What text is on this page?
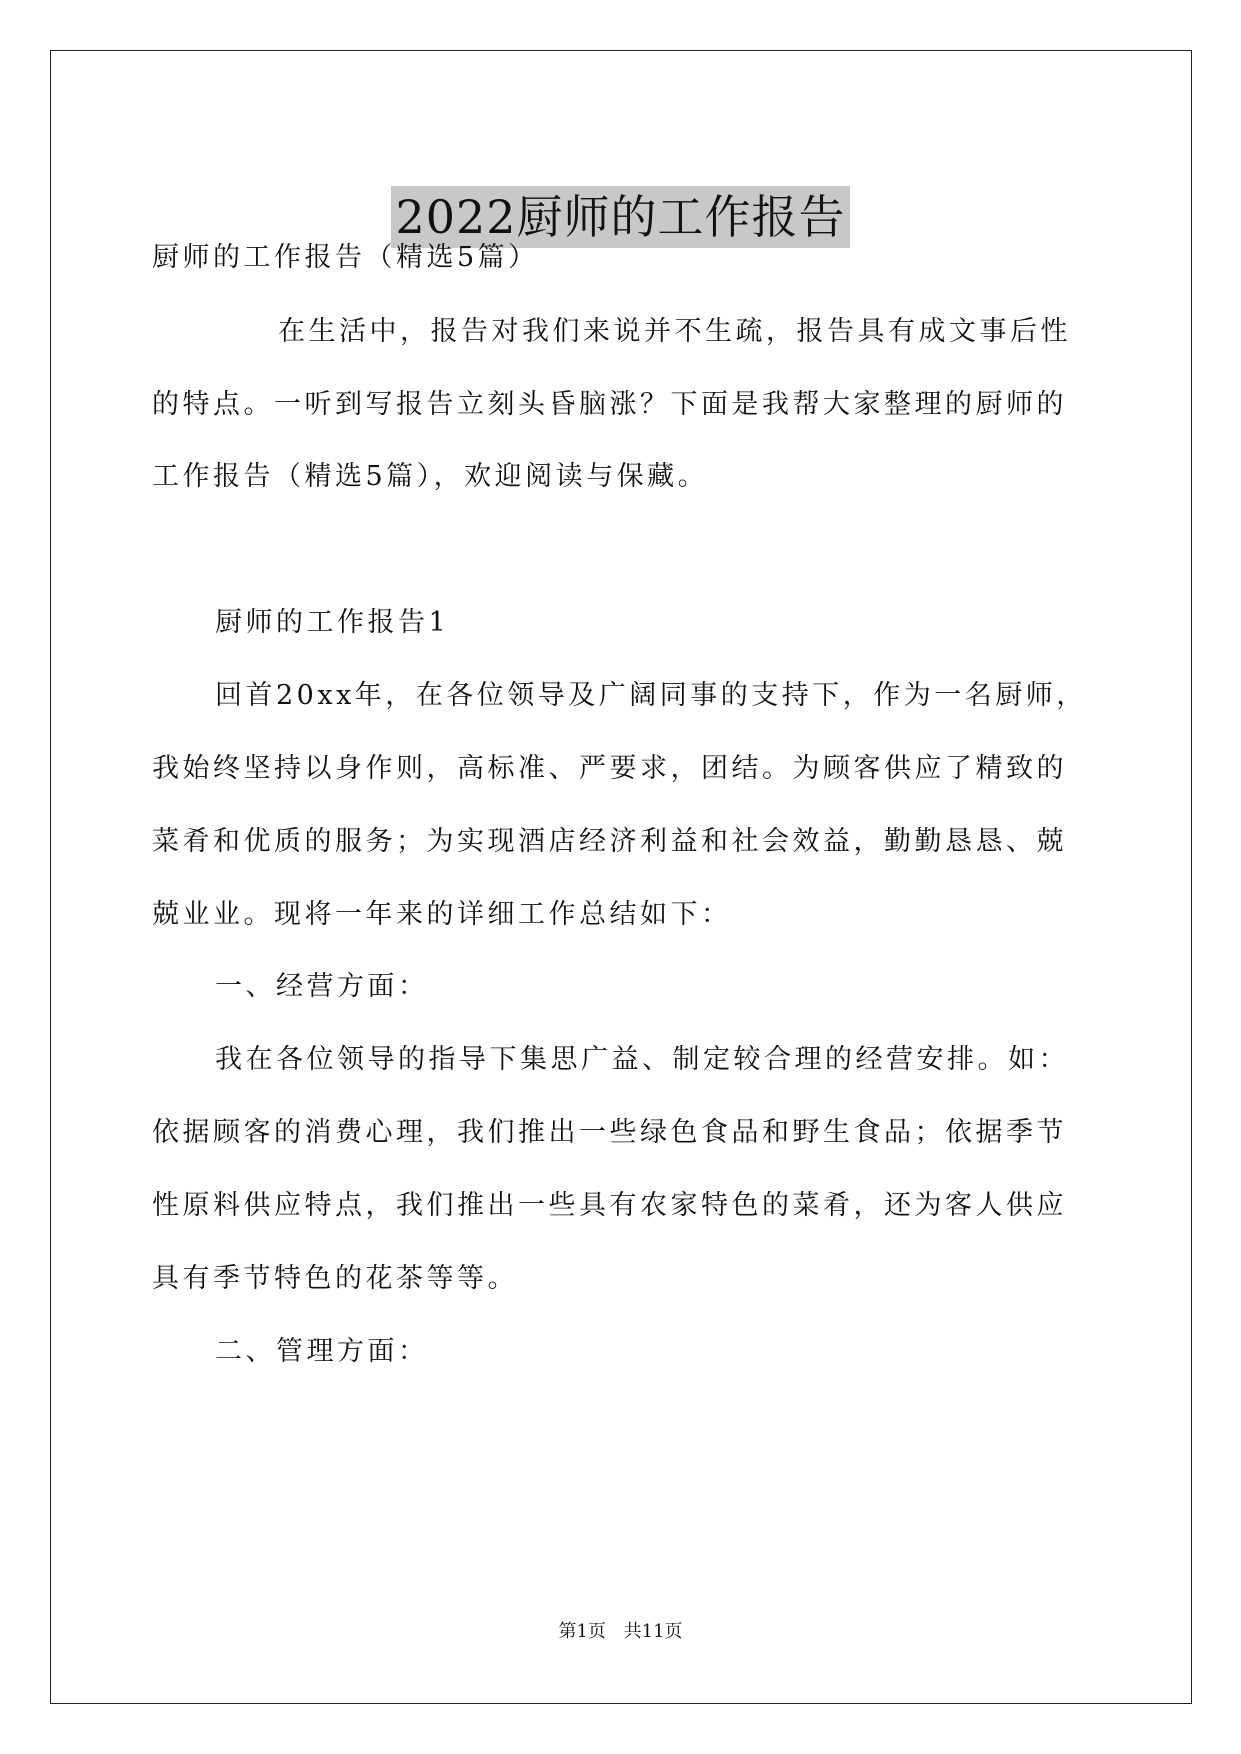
2022厨师的工作报告
厨师的工作报告（精选5篇）
在生活中，报告对我们来说并不生疏，报告具有成文事后性
的特点。一听到写报告立刻头昏脑涨？下面是我帮大家整理的厨师的
工作报告（精选5篇），欢迎阅读与保藏。
厨师的工作报告1
回首20xx年，在各位领导及广阔同事的支持下，作为一名厨师，
我始终坚持以身作则，高标准、严要求，团结。为顾客供应了精致的
菜肴和优质的服务；为实现酒店经济利益和社会效益，勤勤恳恳、兢
兢业业。现将一年来的详细工作总结如下：
一、经营方面：
我在各位领导的指导下集思广益、制定较合理的经营安排。如：
依据顾客的消费心理，我们推出一些绿色食品和野生食品；依据季节
性原料供应特点，我们推出一些具有农家特色的菜肴，还为客人供应
具有季节特色的花茶等等。
二、管理方面：
第1页 共11页
